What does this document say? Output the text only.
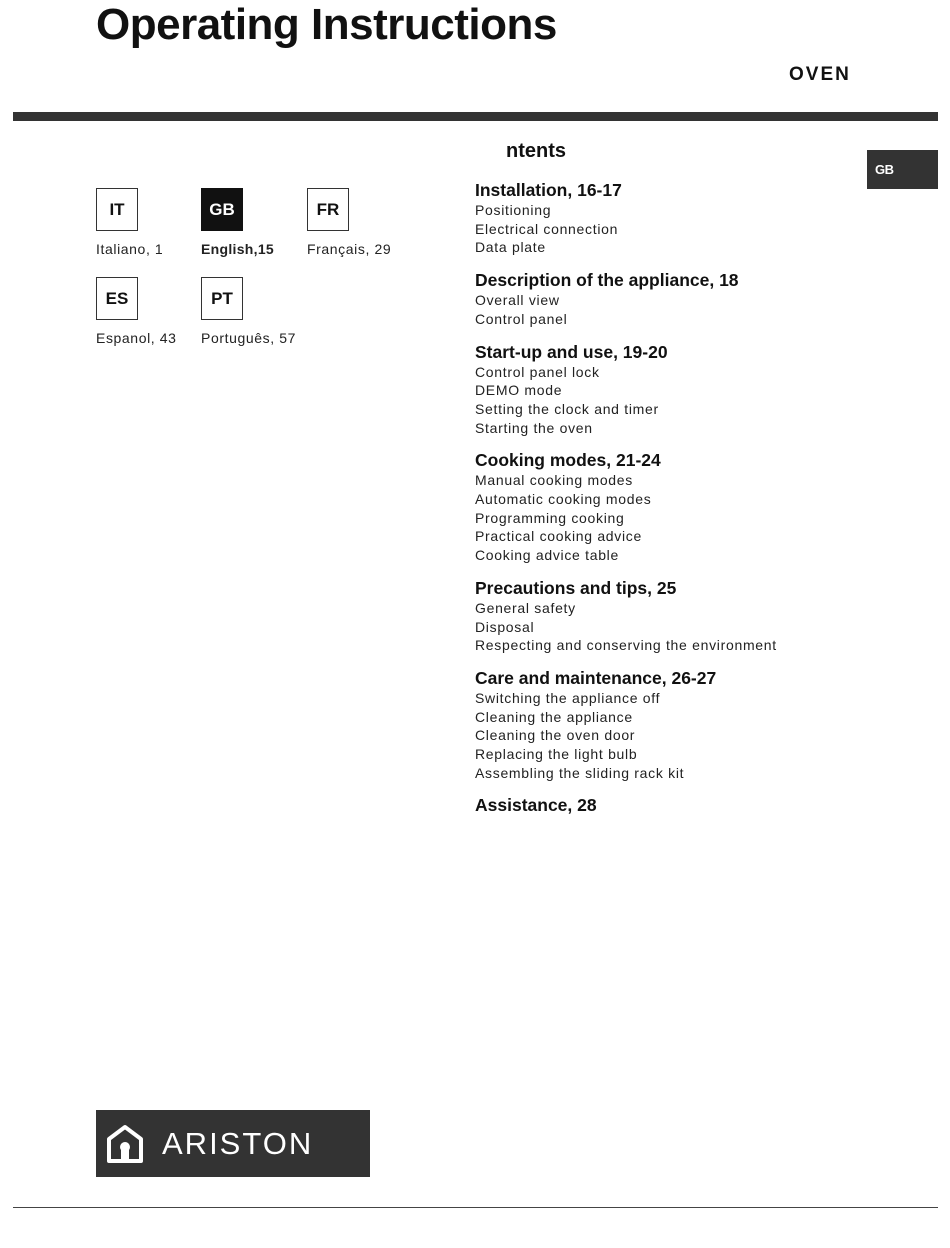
Operating Instructions
OVEN
GB
IT
Italiano, 1
GB
English,15
FR
Français, 29
ES
Espanol, 43
PT
Português, 57
ntents
Installation, 16-17
Positioning
Electrical connection
Data plate
Description of the appliance, 18
Overall view
Control panel
Start-up and use, 19-20
Control panel lock
DEMO mode
Setting the clock and timer
Starting the oven
Cooking modes, 21-24
Manual cooking modes
Automatic cooking modes
Programming cooking
Practical cooking advice
Cooking advice table
Precautions and tips, 25
General safety
Disposal
Respecting and conserving the environment
Care and maintenance, 26-27
Switching the appliance off
Cleaning the appliance
Cleaning the oven door
Replacing the light bulb
Assembling the sliding rack kit
Assistance, 28
ARISTON
